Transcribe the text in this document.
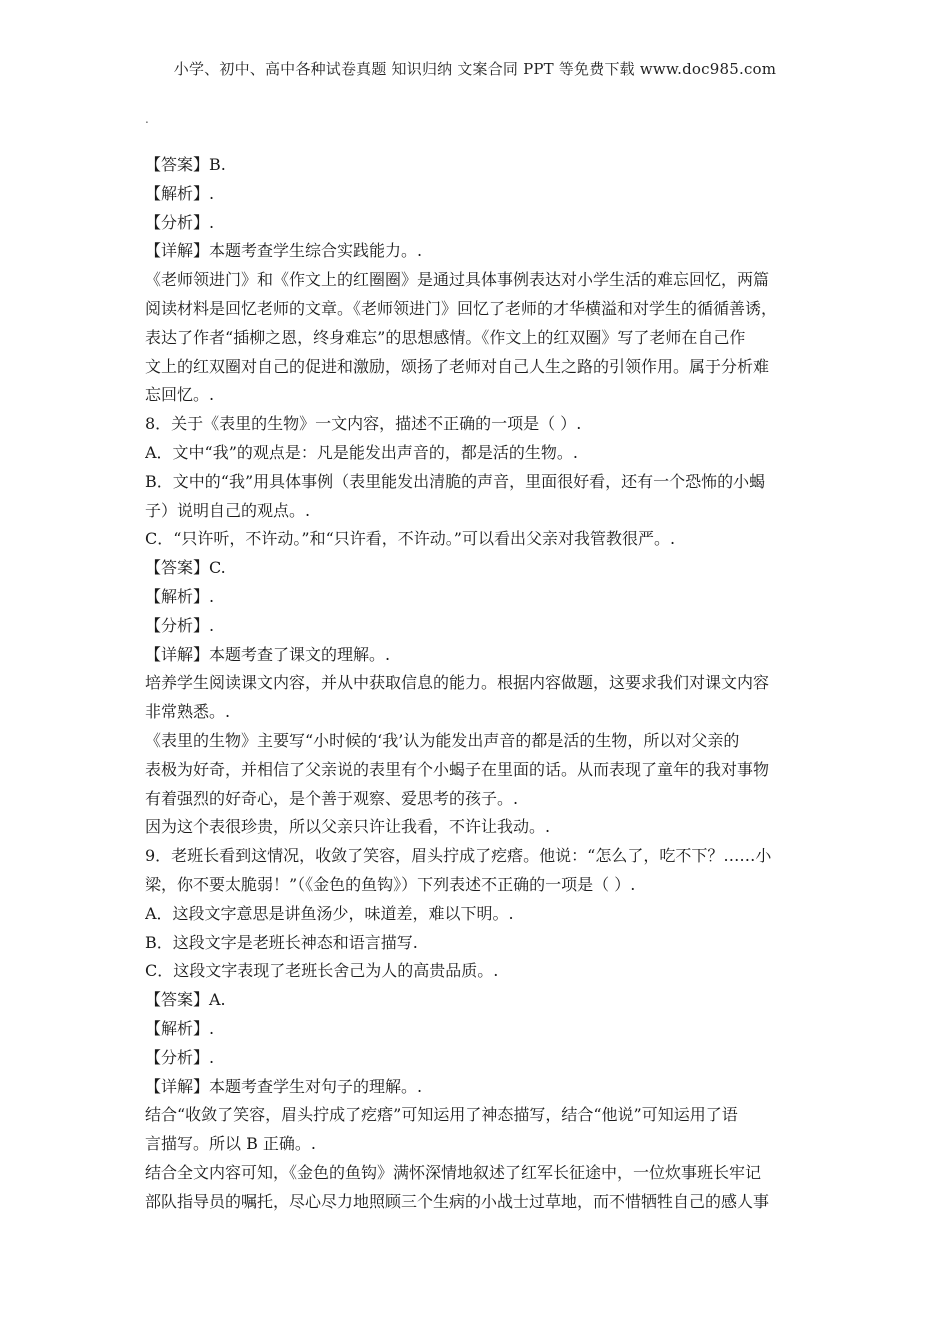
小学、初中、高中各种试卷真题 知识归纳 文案合同 PPT 等免费下载 www.doc985.com
.
【答案】B.
【解析】.
【分析】.
【详解】本题考查学生综合实践能力。.
《老师领进门》和《作文上的红圈圈》是通过具体事例表达对小学生活的难忘回忆，两篇
阅读材料是回忆老师的文章。《老师领进门》回忆了老师的才华横溢和对学生的循循善诱，
表达了作者“插柳之恩，终身难忘”的思想感情。《作文上的红双圈》写了老师在自己作
文上的红双圈对自己的促进和激励，颂扬了老师对自己人生之路的引领作用。属于分析难
忘回忆。.
8．关于《表里的生物》一文内容，描述不正确的一项是（ ）.
A．文中“我”的观点是：凡是能发出声音的，都是活的生物。.
B．文中的“我”用具体事例（表里能发出清脆的声音，里面很好看，还有一个恐怖的小蝎
子）说明自己的观点。.
C．“只许听，不许动。”和“只许看，不许动。”可以看出父亲对我管教很严。.
【答案】C.
【解析】.
【分析】.
【详解】本题考查了课文的理解。.
培养学生阅读课文内容，并从中获取信息的能力。根据内容做题，这要求我们对课文内容
非常熟悉。.
《表里的生物》主要写“小时候的‘我’认为能发出声音的都是活的生物，所以对父亲的
表极为好奇，并相信了父亲说的表里有个小蝎子在里面的话。从而表现了童年的我对事物
有着强烈的好奇心，是个善于观察、爱思考的孩子。.
因为这个表很珍贵，所以父亲只许让我看，不许让我动。.
9．老班长看到这情况，收敛了笑容，眉头拧成了疙瘩。他说：“怎么了，吃不下？……小
梁，你不要太脆弱！”（《金色的鱼钩》）下列表述不正确的一项是（ ）.
A．这段文字意思是讲鱼汤少，味道差，难以下明。.
B．这段文字是老班长神态和语言描写.
C．这段文字表现了老班长舍己为人的高贵品质。.
【答案】A.
【解析】.
【分析】.
【详解】本题考查学生对句子的理解。.
结合“收敛了笑容，眉头拧成了疙瘩”可知运用了神态描写，结合“他说”可知运用了语
言描写。所以 B 正确。.
结合全文内容可知，《金色的鱼钩》满怀深情地叙述了红军长征途中，一位炊事班长牢记
部队指导员的嘱托，尽心尽力地照顾三个生病的小战士过草地，而不惜牺牲自己的感人事
